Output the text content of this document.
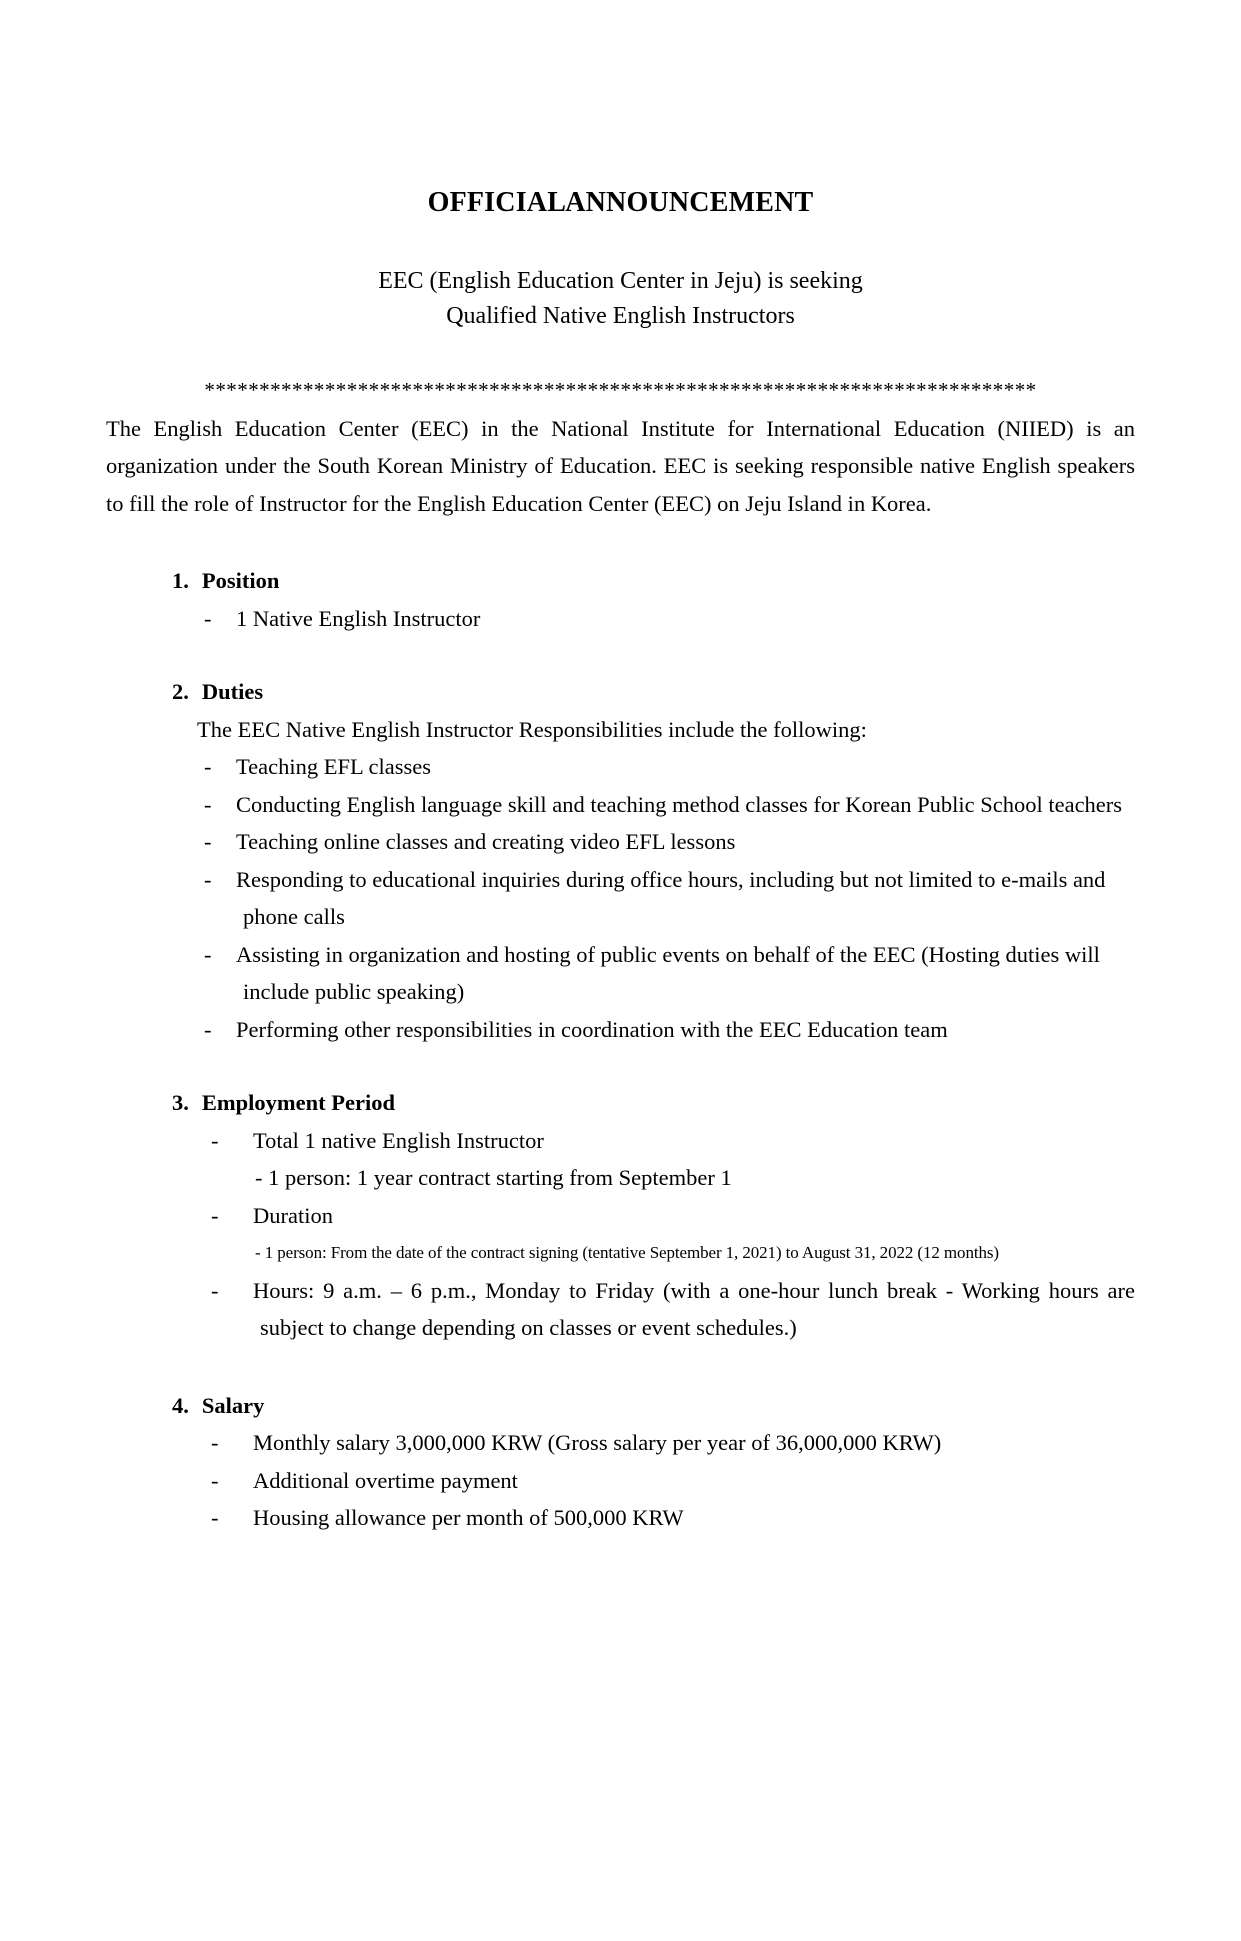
OFFICIAL ANNOUNCEMENT
EEC (English Education Center in Jeju) is seeking
Qualified Native English Instructors
****************************************************************************

The English Education Center (EEC) in the National Institute for International Education (NIIED) is an organization under the South Korean Ministry of Education. EEC is seeking responsible native English speakers to fill the role of Instructor for the English Education Center (EEC) on Jeju Island in Korea.

1. Position
-	1 Native English Instructor
2. Duties
The EEC Native English Instructor Responsibilities include the following:
-	Teaching EFL classes
-	Conducting English language skill and teaching method classes for Korean Public School teachers
-	Teaching online classes and creating video EFL lessons
-	Responding to educational inquiries during office hours, including but not limited to e-mails and phone calls
-	Assisting in organization and hosting of public events on behalf of the EEC (Hosting duties will include public speaking)
-	Performing other responsibilities in coordination with the EEC Education team
3. Employment Period
-	Total 1 native English Instructor
- 1 person: 1 year contract starting from September 1
-	Duration
- 1 person: From the date of the contract signing (tentative September 1, 2021) to August 31, 2022 (12 months)
-	Hours: 9 a.m. – 6 p.m., Monday to Friday (with a one-hour lunch break - Working hours are subject to change depending on classes or event schedules.)
4. Salary
-	Monthly salary 3,000,000 KRW (Gross salary per year of 36,000,000 KRW)
-	Additional overtime payment
-	Housing allowance per month of 500,000 KRW
